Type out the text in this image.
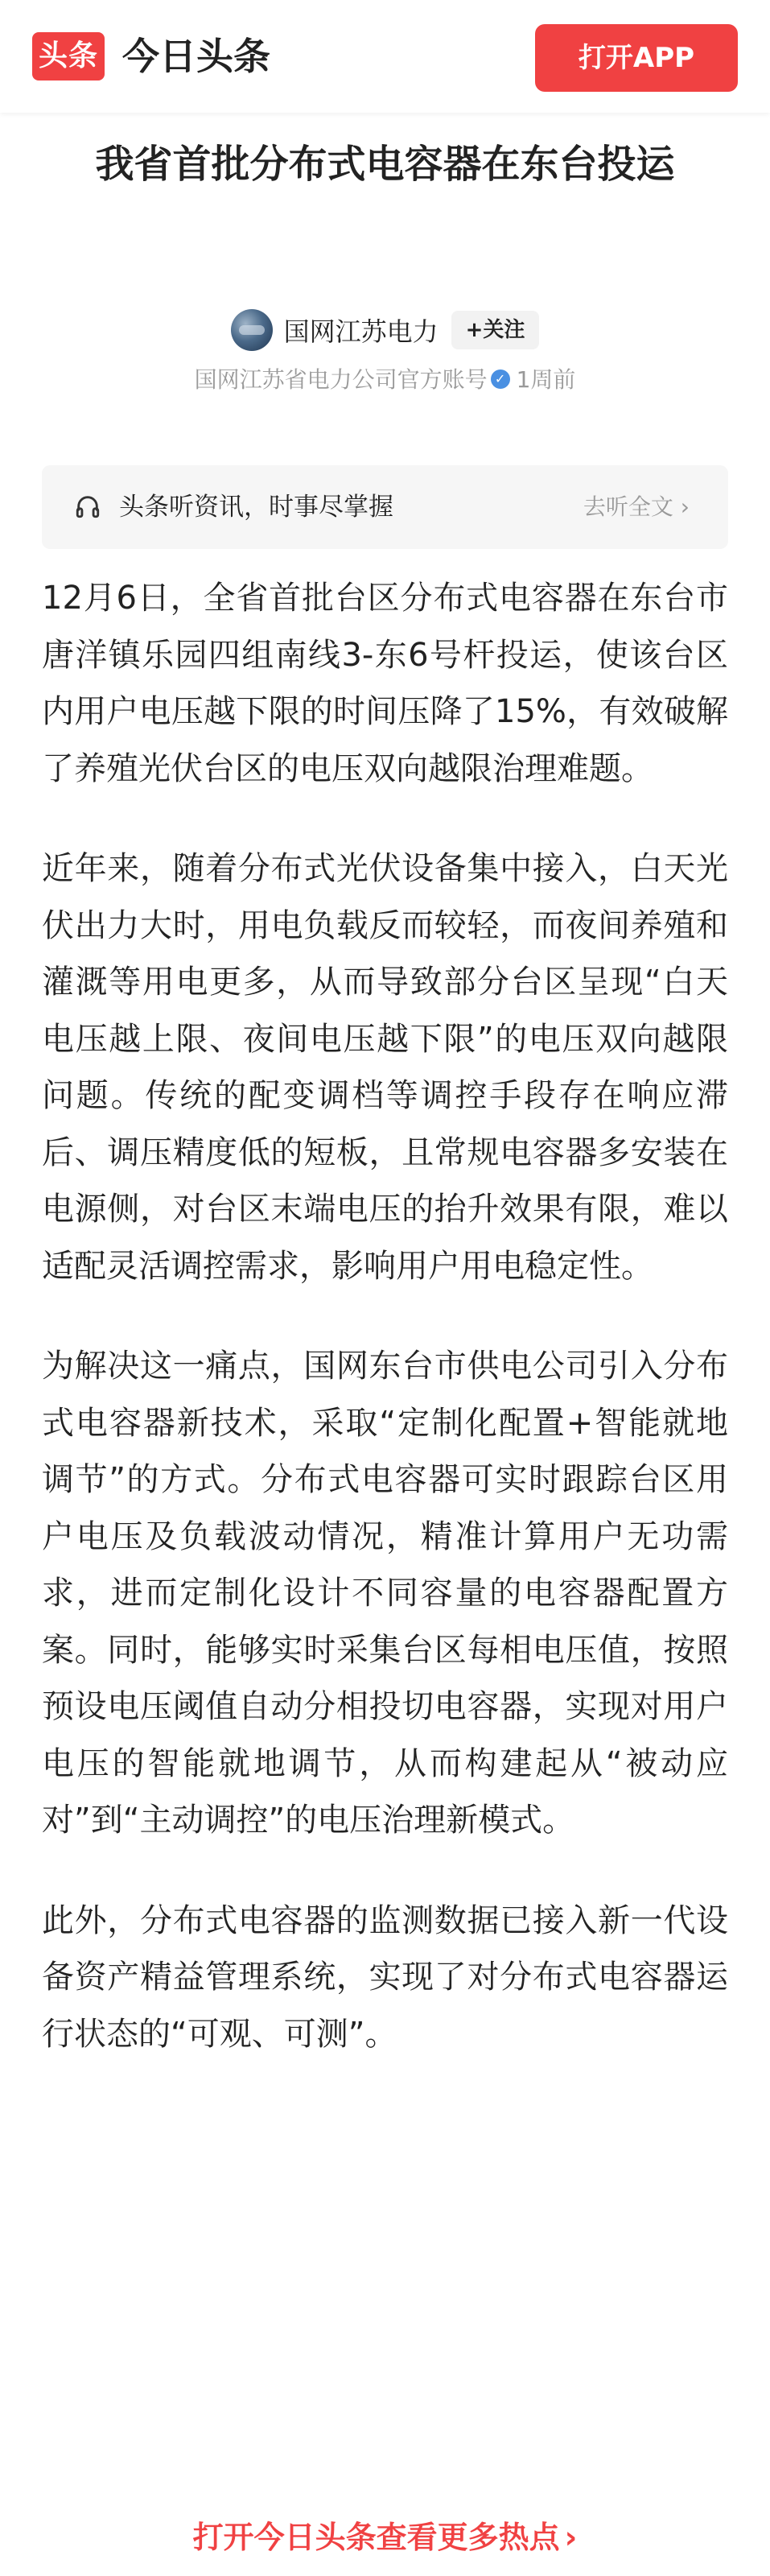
头条 今日头条	打开APP
我省首批分布式电容器在东台投运
国网江苏电力	+关注
国网江苏省电力公司官方账号 ✓ 1周前
头条听资讯，时事尽掌握	去听全文 ›

12月6日，全省首批台区分布式电容器在东台市唐洋镇乐园四组南线3-东6号杆投运，使该台区内用户电压越下限的时间压降了15%，有效破解了养殖光伏台区的电压双向越限治理难题。

近年来，随着分布式光伏设备集中接入，白天光伏出力大时，用电负载反而较轻，而夜间养殖和灌溉等用电更多，从而导致部分台区呈现“白天电压越上限、夜间电压越下限”的电压双向越限问题。传统的配变调档等调控手段存在响应滞后、调压精度低的短板，且常规电容器多安装在电源侧，对台区末端电压的抬升效果有限，难以适配灵活调控需求，影响用户用电稳定性。

为解决这一痛点，国网东台市供电公司引入分布式电容器新技术，采取“定制化配置+智能就地调节”的方式。分布式电容器可实时跟踪台区用户电压及负载波动情况，精准计算用户无功需求，进而定制化设计不同容量的电容器配置方案。同时，能够实时采集台区每相电压值，按照预设电压阈值自动分相投切电容器，实现对用户电压的智能就地调节，从而构建起从“被动应对”到“主动调控”的电压治理新模式。

此外，分布式电容器的监测数据已接入新一代设备资产精益管理系统，实现了对分布式电容器运行状态的“可观、可测”。

打开今日头条查看更多热点 ›
